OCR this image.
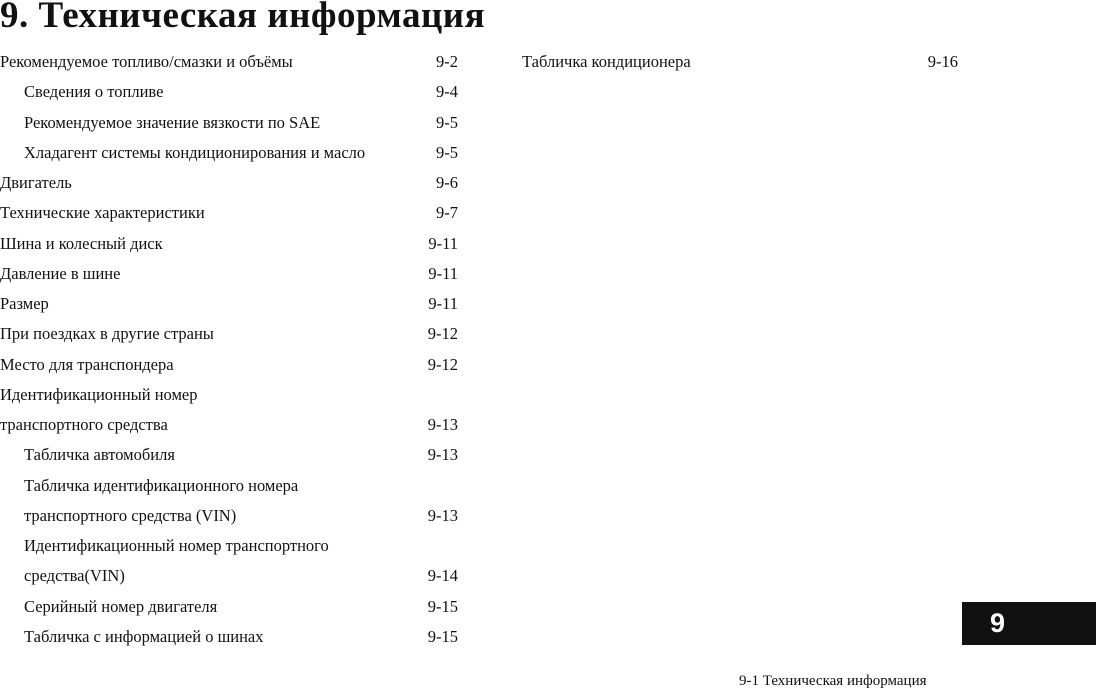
9. Техническая информация
Рекомендуемое топливо/смазки и объёмы	9-2
Сведения о топливе	9-4
Рекомендуемое значение вязкости по SAE	9-5
Хладагент системы кондиционирования и масло	9-5
Двигатель	9-6
Технические характеристики	9-7
Шина и колесный диск	9-11
Давление в шине	9-11
Размер	9-11
При поездках в другие страны	9-12
Место для транспондера	9-12
Идентификационный номер
транспортного средства	9-13
Табличка автомобиля	9-13
Табличка идентификационного номера
транспортного средства (VIN)	9-13
Идентификационный номер транспортного
средства(VIN)	9-14
Серийный номер двигателя	9-15
Табличка с информацией о шинах	9-15
Табличка кондиционера	9-16
9
9-1 Техническая информация
